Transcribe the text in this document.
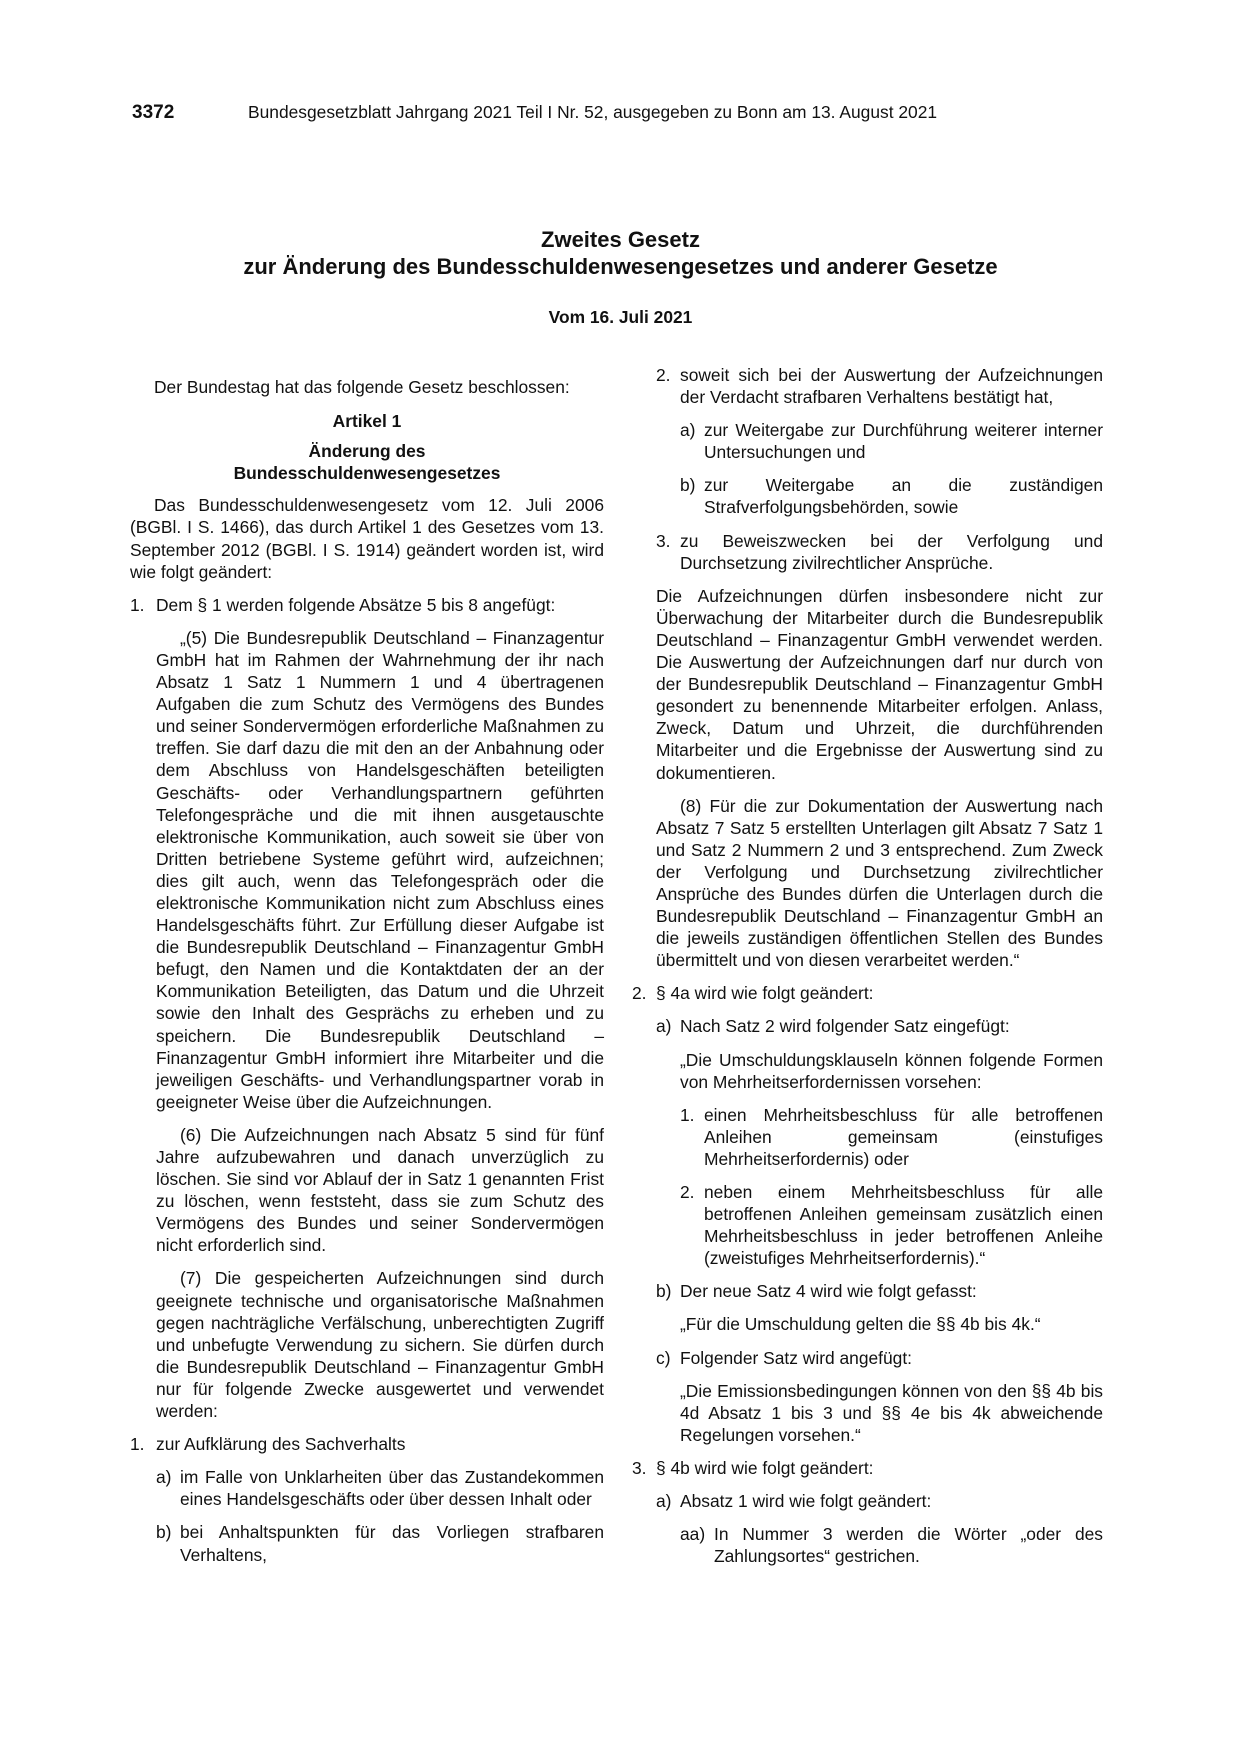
3372	Bundesgesetzblatt Jahrgang 2021 Teil I Nr. 52, ausgegeben zu Bonn am 13. August 2021
Zweites Gesetz
zur Änderung des Bundesschuldenwesengesetzes und anderer Gesetze
Vom 16. Juli 2021

Der Bundestag hat das folgende Gesetz beschlossen:

Artikel 1

Änderung des

Bundesschuldenwesengesetzes

Das Bundesschuldenwesengesetz vom 12. Juli 2006 (BGBl. I S. 1466), das durch Artikel 1 des Gesetzes vom 13. September 2012 (BGBl. I S. 1914) geändert worden ist, wird wie folgt geändert:

1. Dem § 1 werden folgende Absätze 5 bis 8 angefügt:

„(5) Die Bundesrepublik Deutschland – Finanzagentur GmbH hat im Rahmen der Wahrnehmung der ihr nach Absatz 1 Satz 1 Nummern 1 und 4 übertragenen Aufgaben die zum Schutz des Vermögens des Bundes und seiner Sondervermögen erforderliche Maßnahmen zu treffen. Sie darf dazu die mit den an der Anbahnung oder dem Abschluss von Handelsgeschäften beteiligten Geschäfts- oder Verhandlungspartnern geführten Telefongespräche und die mit ihnen ausgetauschte elektronische Kommunikation, auch soweit sie über von Dritten betriebene Systeme geführt wird, aufzeichnen; dies gilt auch, wenn das Telefongespräch oder die elektronische Kommunikation nicht zum Abschluss eines Handelsgeschäfts führt. Zur Erfüllung dieser Aufgabe ist die Bundesrepublik Deutschland – Finanzagentur GmbH befugt, den Namen und die Kontaktdaten der an der Kommunikation Beteiligten, das Datum und die Uhrzeit sowie den Inhalt des Gesprächs zu erheben und zu speichern. Die Bundesrepublik Deutschland – Finanzagentur GmbH informiert ihre Mitarbeiter und die jeweiligen Geschäfts- und Verhandlungspartner vorab in geeigneter Weise über die Aufzeichnungen.

(6) Die Aufzeichnungen nach Absatz 5 sind für fünf Jahre aufzubewahren und danach unverzüglich zu löschen. Sie sind vor Ablauf der in Satz 1 genannten Frist zu löschen, wenn feststeht, dass sie zum Schutz des Vermögens des Bundes und seiner Sondervermögen nicht erforderlich sind.

(7) Die gespeicherten Aufzeichnungen sind durch geeignete technische und organisatorische Maßnahmen gegen nachträgliche Verfälschung, unberechtigten Zugriff und unbefugte Verwendung zu sichern. Sie dürfen durch die Bundesrepublik Deutschland – Finanzagentur GmbH nur für folgende Zwecke ausgewertet und verwendet werden:

1. zur Aufklärung des Sachverhalts
a) im Falle von Unklarheiten über das Zustandekommen eines Handelsgeschäfts oder über dessen Inhalt oder
b) bei Anhaltspunkten für das Vorliegen strafbaren Verhaltens,
2. soweit sich bei der Auswertung der Aufzeichnungen der Verdacht strafbaren Verhaltens bestätigt hat,
a) zur Weitergabe zur Durchführung weiterer interner Untersuchungen und
b) zur Weitergabe an die zuständigen Strafverfolgungsbehörden, sowie
3. zu Beweiszwecken bei der Verfolgung und Durchsetzung zivilrechtlicher Ansprüche.

Die Aufzeichnungen dürfen insbesondere nicht zur Überwachung der Mitarbeiter durch die Bundesrepublik Deutschland – Finanzagentur GmbH verwendet werden. Die Auswertung der Aufzeichnungen darf nur durch von der Bundesrepublik Deutschland – Finanzagentur GmbH gesondert zu benennende Mitarbeiter erfolgen. Anlass, Zweck, Datum und Uhrzeit, die durchführenden Mitarbeiter und die Ergebnisse der Auswertung sind zu dokumentieren.

(8) Für die zur Dokumentation der Auswertung nach Absatz 7 Satz 5 erstellten Unterlagen gilt Absatz 7 Satz 1 und Satz 2 Nummern 2 und 3 entsprechend. Zum Zweck der Verfolgung und Durchsetzung zivilrechtlicher Ansprüche des Bundes dürfen die Unterlagen durch die Bundesrepublik Deutschland – Finanzagentur GmbH an die jeweils zuständigen öffentlichen Stellen des Bundes übermittelt und von diesen verarbeitet werden.“

2. § 4a wird wie folgt geändert:
a) Nach Satz 2 wird folgender Satz eingefügt:

„Die Umschuldungsklauseln können folgende Formen von Mehrheitserfordernissen vorsehen:

1. einen Mehrheitsbeschluss für alle betroffenen Anleihen gemeinsam (einstufiges Mehrheitserfordernis) oder
2. neben einem Mehrheitsbeschluss für alle betroffenen Anleihen gemeinsam zusätzlich einen Mehrheitsbeschluss in jeder betroffenen Anleihe (zweistufiges Mehrheitserfordernis).“
b) Der neue Satz 4 wird wie folgt gefasst:

„Für die Umschuldung gelten die §§ 4b bis 4k.“

c) Folgender Satz wird angefügt:

„Die Emissionsbedingungen können von den §§ 4b bis 4d Absatz 1 bis 3 und §§ 4e bis 4k abweichende Regelungen vorsehen.“

3. § 4b wird wie folgt geändert:
a) Absatz 1 wird wie folgt geändert:
aa) In Nummer 3 werden die Wörter „oder des Zahlungsortes“ gestrichen.
